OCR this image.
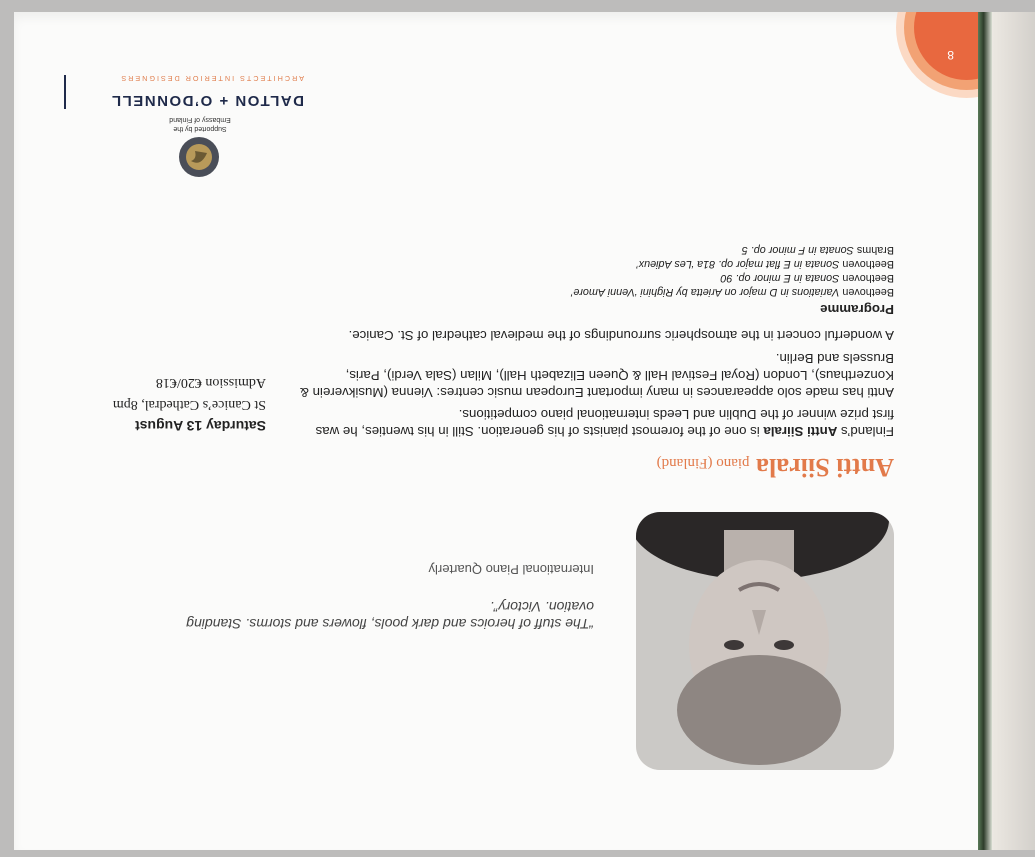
8
“The stuff of heroics and dark pools, flowers and storms. Standing ovation. Victory”.
International Piano Quarterly
Antti Siirala piano (Finland)

Finland’s Antti Siirala is one of the foremost pianists of his generation. Still in his twenties, he was first prize winner of the Dublin and Leeds international piano competitions.

Antti has made solo appearances in many important European music centres: Vienna (Musikverein & Konzerthaus), London (Royal Festival Hall & Queen Elizabeth Hall), Milan (Sala Verdi), Paris, Brussels and Berlin.

A wonderful concert in the atmospheric surroundings of the medieval cathedral of St. Canice.

Programme
Beethoven Variations in D major on Arietta by Righini ‘Venni Amore’
Beethoven Sonata in E minor op. 90
Beethoven Sonata in E flat major op. 81a ‘Les Adieux’
Brahms Sonata in F minor op. 5
Saturday 13 August
St Canice’s Cathedral, 8pm
Admission €20/€18
Supported by the
Embassy of Finland
DALTON + O’DONNELL
ARCHITECTS INTERIOR DESIGNERS
